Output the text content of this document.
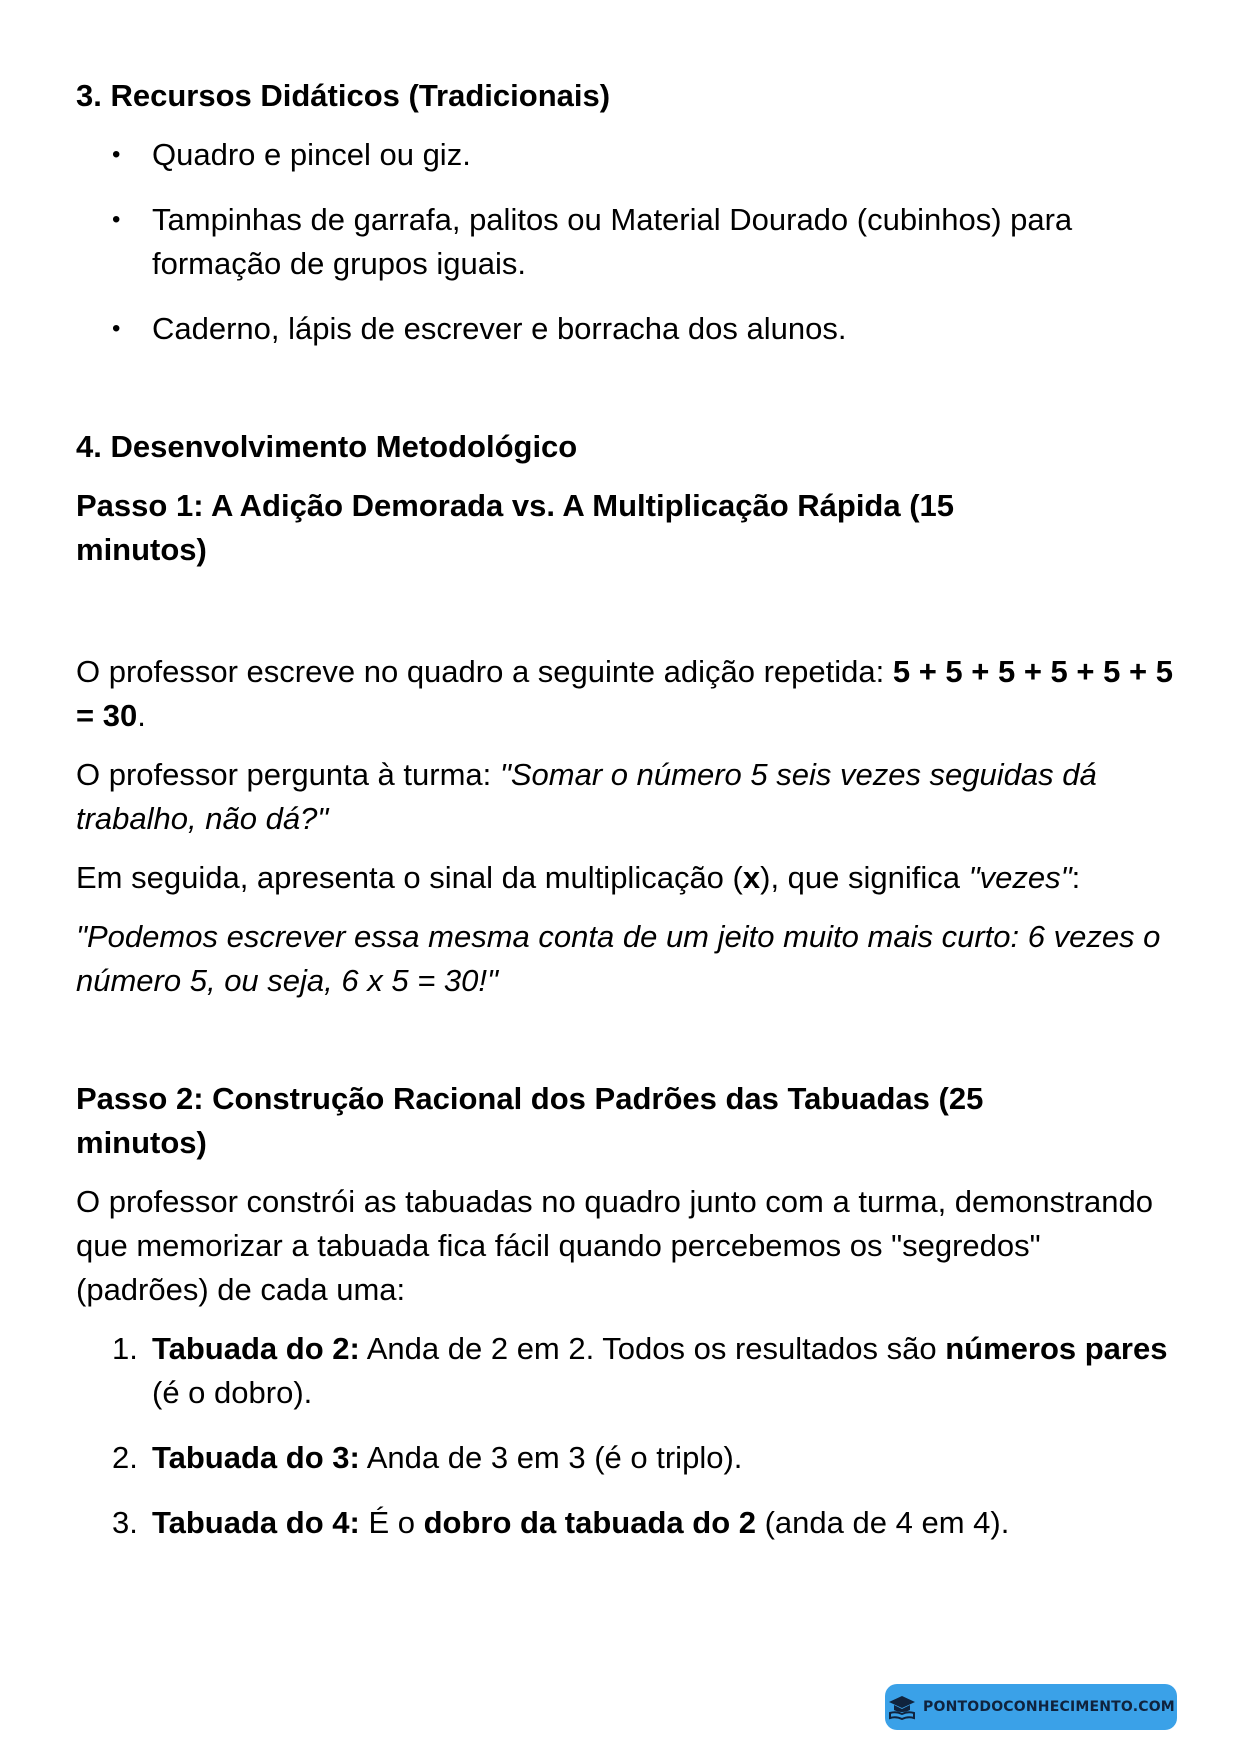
3. Recursos Didáticos (Tradicionais)
• Quadro e pincel ou giz.
• Tampinhas de garrafa, palitos ou Material Dourado (cubinhos) para formação de grupos iguais.
• Caderno, lápis de escrever e borracha dos alunos.
4. Desenvolvimento Metodológico
Passo 1: A Adição Demorada vs. A Multiplicação Rápida (15 minutos)

O professor escreve no quadro a seguinte adição repetida: 5 + 5 + 5 + 5 + 5 + 5 = 30.

O professor pergunta à turma: "Somar o número 5 seis vezes seguidas dá trabalho, não dá?"

Em seguida, apresenta o sinal da multiplicação (x), que significa "vezes":

"Podemos escrever essa mesma conta de um jeito muito mais curto: 6 vezes o número 5, ou seja, 6 x 5 = 30!"

Passo 2: Construção Racional dos Padrões das Tabuadas (25 minutos)

O professor constrói as tabuadas no quadro junto com a turma, demonstrando que memorizar a tabuada fica fácil quando percebemos os "segredos" (padrões) de cada uma:

1. Tabuada do 2: Anda de 2 em 2. Todos os resultados são números pares (é o dobro).
2. Tabuada do 3: Anda de 3 em 3 (é o triplo).
3. Tabuada do 4: É o dobro da tabuada do 2 (anda de 4 em 4).
PONTODOCONHECIMENTO.COM
